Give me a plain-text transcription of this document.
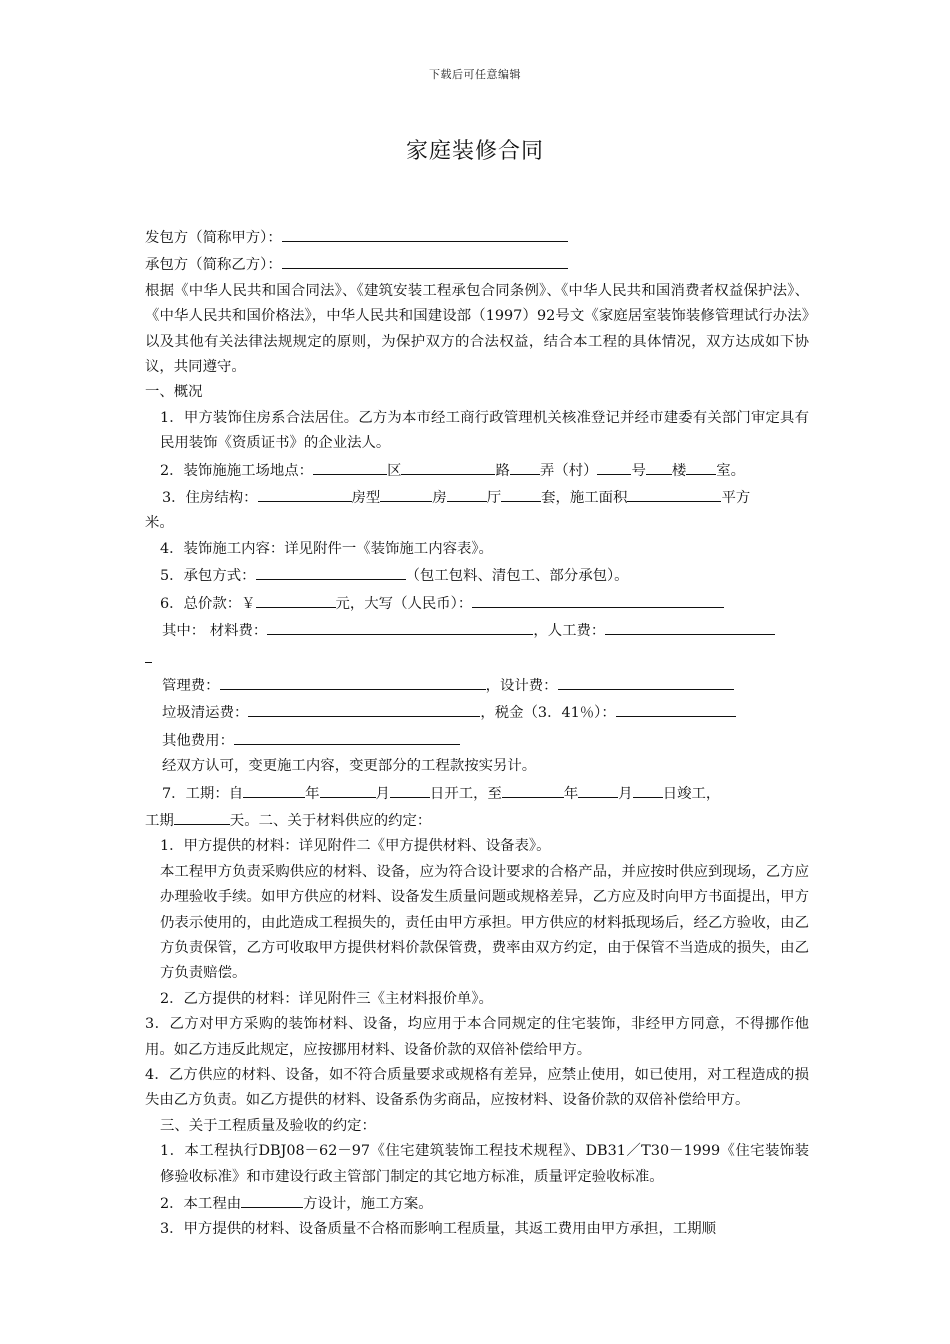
下载后可任意编辑
家庭装修合同

发包方（简称甲方）：

承包方（简称乙方）：

根据《中华人民共和国合同法》、《建筑安装工程承包合同条例》、《中华人民共和国消费者权益保护法》、《中华人民共和国价格法》，中华人民共和国建设部（1997）92号文《家庭居室装饰装修管理试行办法》以及其他有关法律法规规定的原则，为保护双方的合法权益，结合本工程的具体情况，双方达成如下协议，共同遵守。

一、概况

1．甲方装饰住房系合法居住。乙方为本市经工商行政管理机关核准登记并经市建委有关部门审定具有民用装饰《资质证书》的企业法人。

2．装饰施施工场地点：	区	路 弄（村） 号 楼 室。

3．住房结构：	房型	房	厅	套，施工面积	平方

米。

4．装饰施工内容：详见附件一《装饰施工内容表》。

5．承包方式：	（包工包料、清包工、部分承包）。

6．总价款：￥	元，大写（人民币）：

其中： 材料费：	，人工费：

管理费：	，设计费：

垃圾清运费：	，税金（3．41％）：

其他费用：

经双方认可，变更施工内容，变更部分的工程款按实另计。

7．工期：自	年	月	日开工，至	年	月 日竣工，

工期	天。二、关于材料供应的约定：

1．甲方提供的材料：详见附件二《甲方提供材料、设备表》。

本工程甲方负责采购供应的材料、设备，应为符合设计要求的合格产品，并应按时供应到现场，乙方应办理验收手续。如甲方供应的材料、设备发生质量问题或规格差异，乙方应及时向甲方书面提出，甲方仍表示使用的，由此造成工程损失的，责任由甲方承担。甲方供应的材料抵现场后，经乙方验收，由乙方负责保管，乙方可收取甲方提供材料价款保管费，费率由双方约定，由于保管不当造成的损失，由乙方负责赔偿。

2．乙方提供的材料：详见附件三《主材料报价单》。

3．乙方对甲方采购的装饰材料、设备，均应用于本合同规定的住宅装饰，非经甲方同意，不得挪作他用。如乙方违反此规定，应按挪用材料、设备价款的双倍补偿给甲方。

4．乙方供应的材料、设备，如不符合质量要求或规格有差异，应禁止使用，如已使用，对工程造成的损失由乙方负责。如乙方提供的材料、设备系伪劣商品，应按材料、设备价款的双倍补偿给甲方。

三、关于工程质量及验收的约定：

1．本工程执行DBJ08－62－97《住宅建筑装饰工程技术规程》、DB31／T30－1999《住宅装饰装修验收标准》和市建设行政主管部门制定的其它地方标准，质量评定验收标准。

2．本工程由	方设计，施工方案。

3．甲方提供的材料、设备质量不合格而影响工程质量，其返工费用由甲方承担，工期顺
